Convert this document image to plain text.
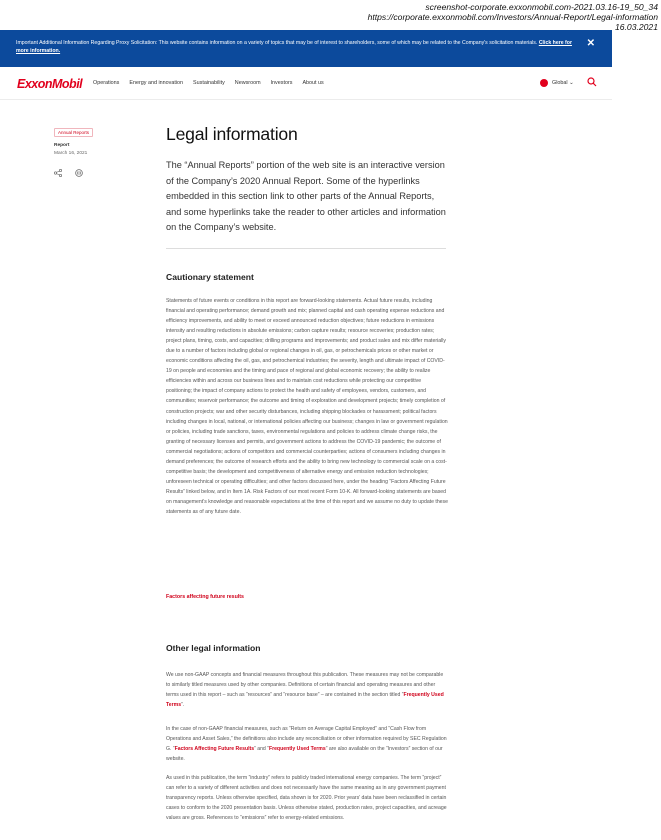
screenshot-corporate.exxonmobil.com-2021.03.16-19_50_34
https://corporate.exxonmobil.com/Investors/Annual-Report/Legal-information
16.03.2021
Important Additional Information Regarding Proxy Solicitation: This website contains information on a variety of topics that may be of interest to shareholders, some of which may be related to the Company's solicitation materials. Click here for more information.
✕
ExxonMobil Operations Energy and innovation Sustainability Newsroom Investors About us	Global ⌄
Annual Reports
Report
March 16, 2021
Legal information

The “Annual Reports” portion of the web site is an interactive version of the Company’s 2020 Annual Report. Some of the hyperlinks embedded in this section link to other parts of the Annual Reports, and some hyperlinks take the reader to other articles and information on the Company’s website.

Cautionary statement

Statements of future events or conditions in this report are forward-looking statements. Actual future results, including financial and operating performance; demand growth and mix; planned capital and cash operating expense reductions and efficiency improvements, and ability to meet or exceed announced reduction objectives; future reductions in emissions intensity and resulting reductions in absolute emissions; carbon capture results; resource recoveries; production rates; project plans, timing, costs, and capacities; drilling programs and improvements; and product sales and mix differ materially due to a number of factors including global or regional changes in oil, gas, or petrochemicals prices or other market or economic conditions affecting the oil, gas, and petrochemical industries; the severity, length and ultimate impact of COVID-19 on people and economies and the timing and pace of regional and global economic recovery; the ability to realize efficiencies within and across our business lines and to maintain cost reductions while protecting our competitive positioning; the impact of company actions to protect the health and safety of employees, vendors, customers, and communities; reservoir performance; the outcome and timing of exploration and development projects; timely completion of construction projects; war and other security disturbances, including shipping blockades or harassment; political factors including changes in local, national, or international policies affecting our business; changes in law or government regulation or policies, including trade sanctions, taxes, environmental regulations and policies to address climate change risks, the granting of necessary licenses and permits, and government actions to address the COVID-19 pandemic; the outcome of commercial negotiations; actions of competitors and commercial counterparties; actions of consumers including changes in demand preferences; the outcome of research efforts and the ability to bring new technology to commercial scale on a cost-competitive basis; the development and competitiveness of alternative energy and emission reduction technologies; unforeseen technical or operating difficulties; and other factors discussed here, under the heading “Factors Affecting Future Results” linked below, and in Item 1A. Risk Factors of our most recent Form 10-K. All forward-looking statements are based on management’s knowledge and reasonable expectations at the time of this report and we assume no duty to update these statements as of any future date.

Factors affecting future results
Other legal information

We use non-GAAP concepts and financial measures throughout this publication. These measures may not be comparable to similarly titled measures used by other companies. Definitions of certain financial and operating measures and other terms used in this report – such as “resources” and “resource base” – are contained in the section titled “Frequently Used Terms”.

In the case of non-GAAP financial measures, such as “Return on Average Capital Employed” and “Cash Flow from Operations and Asset Sales,” the definitions also include any reconciliation or other information required by SEC Regulation G. “Factors Affecting Future Results” and “Frequently Used Terms” are also available on the “Investors” section of our website.

As used in this publication, the term “industry” refers to publicly traded international energy companies. The term “project” can refer to a variety of different activities and does not necessarily have the same meaning as in any government payment transparency reports. Unless otherwise specified, data shown is for 2020. Prior years’ data have been reclassified in certain cases to conform to the 2020 presentation basis. Unless otherwise stated, production rates, project capacities, and acreage values are gross. References to “emissions” refer to energy-related emissions.
